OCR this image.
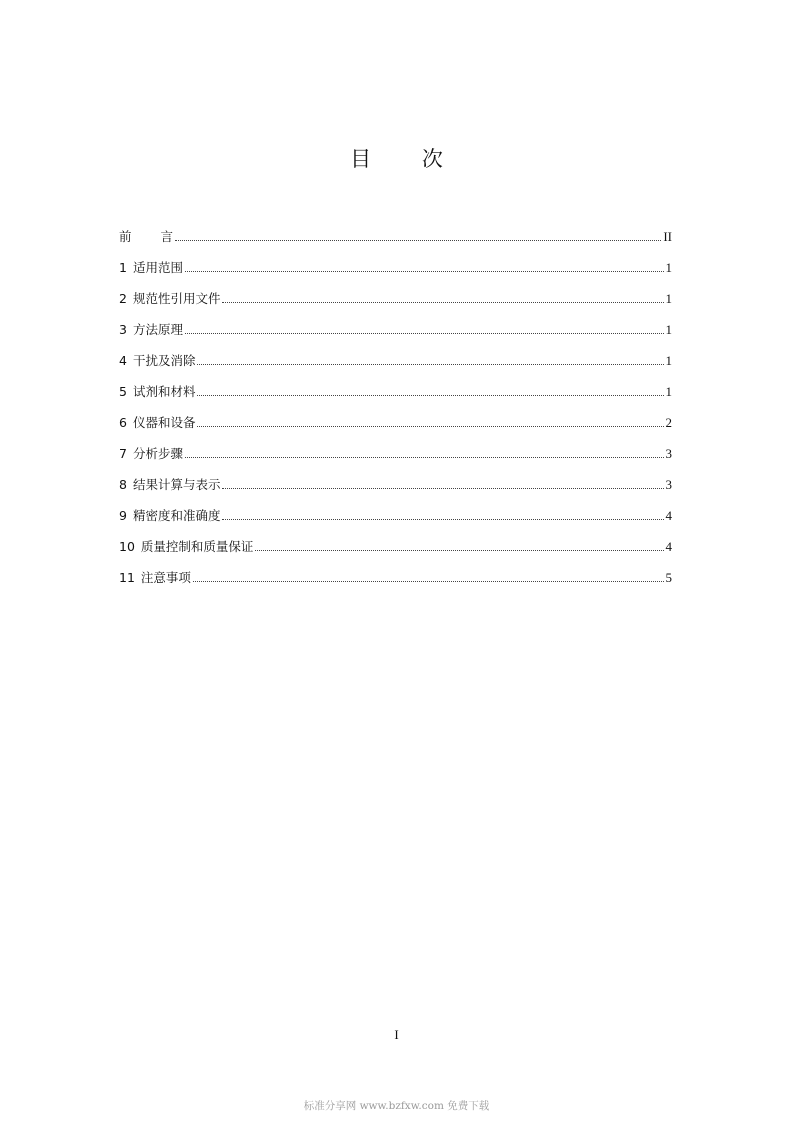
目 次
前言	II
1 适用范围	1
2 规范性引用文件	1
3 方法原理	1
4 干扰及消除	1
5 试剂和材料	1
6 仪器和设备	2
7 分析步骤	3
8 结果计算与表示	3
9 精密度和准确度	4
10 质量控制和质量保证	4
11 注意事项	5
I
标准分享网 www.bzfxw.com 免费下载
